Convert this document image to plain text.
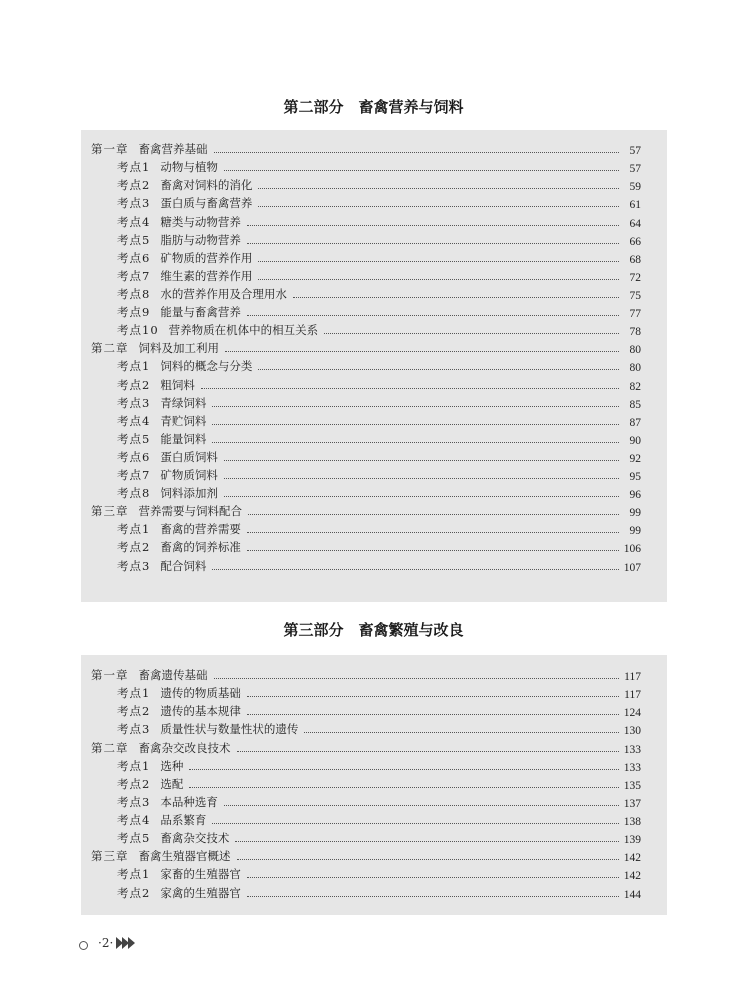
第二部分　畜禽营养与饲料
第一章 畜禽营养基础	57
考点1 动物与植物	57
考点2 畜禽对饲料的消化	59
考点3 蛋白质与畜禽营养	61
考点4 糖类与动物营养	64
考点5 脂肪与动物营养	66
考点6 矿物质的营养作用	68
考点7 维生素的营养作用	72
考点8 水的营养作用及合理用水	75
考点9 能量与畜禽营养	77
考点10 营养物质在机体中的相互关系	78
第二章 饲料及加工利用	80
考点1 饲料的概念与分类	80
考点2 粗饲料	82
考点3 青绿饲料	85
考点4 青贮饲料	87
考点5 能量饲料	90
考点6 蛋白质饲料	92
考点7 矿物质饲料	95
考点8 饲料添加剂	96
第三章 营养需要与饲料配合	99
考点1 畜禽的营养需要	99
考点2 畜禽的饲养标准	106
考点3 配合饲料	107
第三部分　畜禽繁殖与改良
第一章 畜禽遗传基础	117
考点1 遗传的物质基础	117
考点2 遗传的基本规律	124
考点3 质量性状与数量性状的遗传	130
第二章 畜禽杂交改良技术	133
考点1 选种	133
考点2 选配	135
考点3 本品种选育	137
考点4 品系繁育	138
考点5 畜禽杂交技术	139
第三章 畜禽生殖器官概述	142
考点1 家畜的生殖器官	142
考点2 家禽的生殖器官	144
·2·
